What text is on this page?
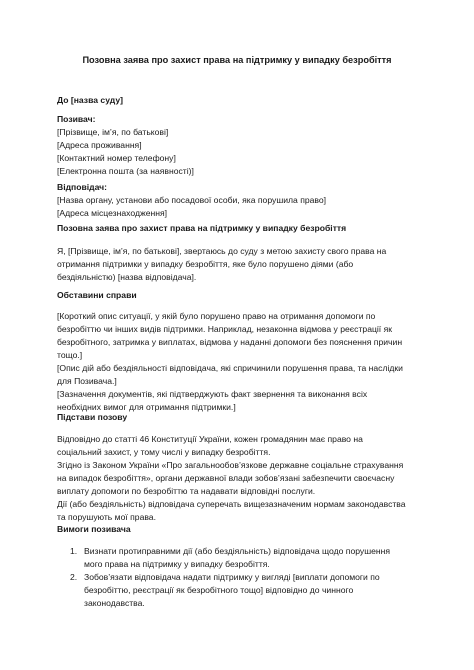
Позовна заява про захист права на підтримку у випадку безробіття
До [назва суду]
Позивач:
[Прізвище, ім’я, по батькові]
[Адреса проживання]
[Контактний номер телефону]
[Електронна пошта (за наявності)]
Відповідач:
[Назва органу, установи або посадової особи, яка порушила право]
[Адреса місцезнаходження]
Позовна заява про захист права на підтримку у випадку безробіття
Я, [Прізвище, ім’я, по батькові], звертаюсь до суду з метою захисту свого права на
отримання підтримки у випадку безробіття, яке було порушено діями (або
бездіяльністю) [назва відповідача].
Обставини справи
[Короткий опис ситуації, у якій було порушено право на отримання допомоги по
безробіттю чи інших видів підтримки. Наприклад, незаконна відмова у реєстрації як
безробітного, затримка у виплатах, відмова у наданні допомоги без пояснення причин
тощо.]
[Опис дій або бездіяльності відповідача, які спричинили порушення права, та наслідки
для Позивача.]
[Зазначення документів, які підтверджують факт звернення та виконання всіх
необхідних вимог для отримання підтримки.]
Підстави позову
Відповідно до статті 46 Конституції України, кожен громадянин має право на
соціальний захист, у тому числі у випадку безробіття.
Згідно із Законом України «Про загальнообов’язкове державне соціальне страхування
на випадок безробіття», органи державної влади зобов’язані забезпечити своєчасну
виплату допомоги по безробіттю та надавати відповідні послуги.
Дії (або бездіяльність) відповідача суперечать вищезазначеним нормам законодавства
та порушують мої права.
Вимоги позивача
1. Визнати протиправними дії (або бездіяльність) відповідача щодо порушення
мого права на підтримку у випадку безробіття.
2. Зобов’язати відповідача надати підтримку у вигляді [виплати допомоги по
безробіттю, реєстрації як безробітного тощо] відповідно до чинного
законодавства.
